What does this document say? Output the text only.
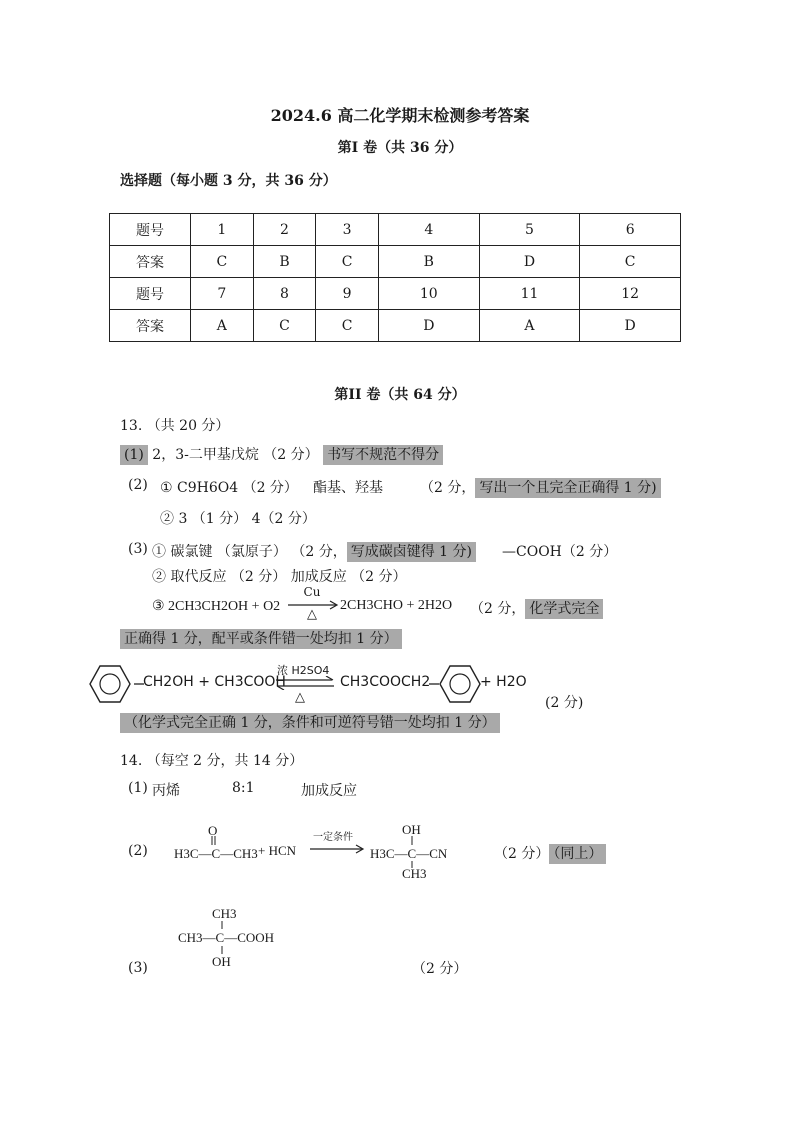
2024.6 高二化学期末检测参考答案
第I 卷（共 36 分）
选择题（每小题 3 分，共 36 分）
题号	1	2	3	4	5	6
答案	C	B	C	B	D	C
题号	7	8	9	10	11	12
答案	A	C	C	D	A	D
第II 卷（共 64 分）
13. （共 20 分）
(1) 2，3-二甲基戊烷 （2 分） 书写不规范不得分
(2) ① C9H6O4 （2 分） 酯基、羟基	（2 分， 写出一个且完全正确得 1 分)
② 3 （1 分） 4（2 分）
(3) ① 碳氯键 （氯原子） （2 分， 写成碳卤键得 1 分) —COOH（2 分）
② 取代反应 （2 分） 加成反应 （2 分）
③ 2CH3CH2OH + O2
Cu
△
2CH3CHO + 2H2O （2 分， 化学式完全
正确得 1 分，配平或条件错一处均扣 1 分）
CH2OH + CH3COOH
浓 H2SO4
△
CH3COOCH2	+ H2O
(2 分)
（化学式完全正确 1 分，条件和可逆符号错一处均扣 1 分）
14. （每空 2 分，共 14 分）
(1) 丙烯	8:1	加成反应
(2)
O
H3C—C—CH3 + HCN
一定条件
OH
H3C—C—CN
CH3
（2 分） （同上）
CH3
CH3—C—COOH
OH
(3)	（2 分）
